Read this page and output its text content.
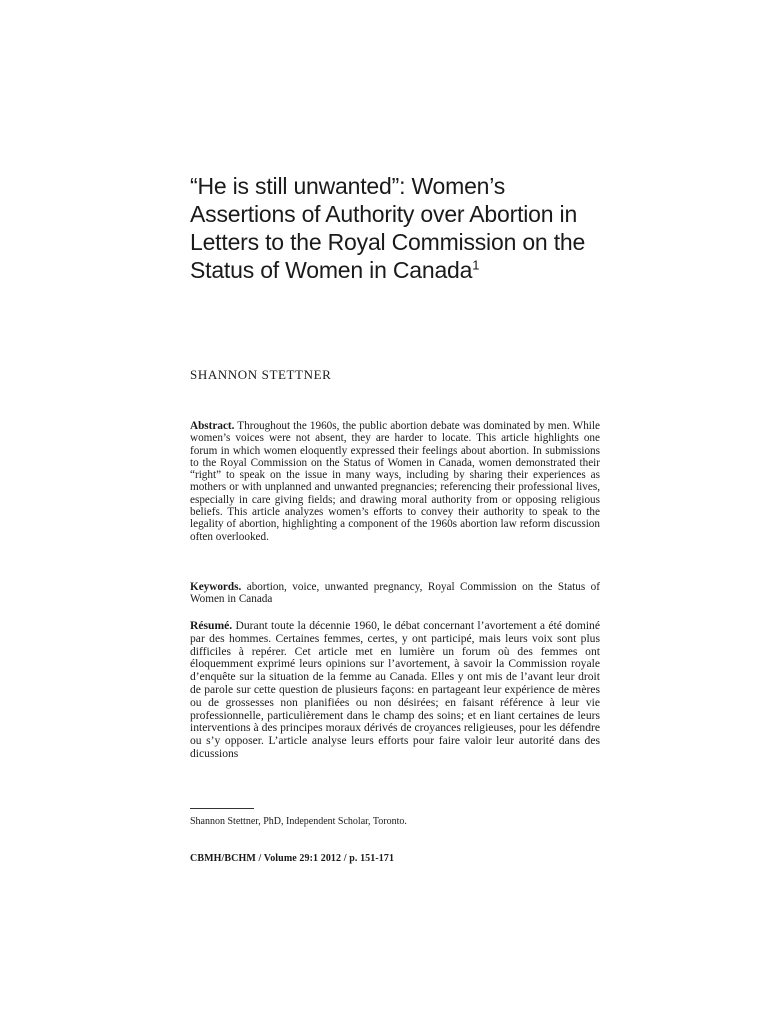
“He is still unwanted”: Women’s Assertions of Authority over Abortion in Letters to the Royal Commission on the Status of Women in Canada$^1$

SHANNON STETTNER

Abstract. Throughout the 1960s, the public abortion debate was dominated by men. While women’s voices were not absent, they are harder to locate. This article highlights one forum in which women eloquently expressed their feelings about abortion. In submissions to the Royal Commission on the Status of Women in Canada, women demonstrated their “right” to speak on the issue in many ways, including by sharing their experiences as mothers or with unplanned and unwanted pregnancies; referencing their professional lives, especially in care giving fields; and drawing moral authority from or opposing religious beliefs. This article analyzes women’s efforts to convey their authority to speak to the legality of abortion, highlighting a component of the 1960s abortion law reform discussion often overlooked.

Keywords. abortion, voice, unwanted pregnancy, Royal Commission on the Status of Women in Canada

Résumé. Durant toute la décennie 1960, le débat concernant l’avortement a été dominé par des hommes. Certaines femmes, certes, y ont participé, mais leurs voix sont plus difficiles à repérer. Cet article met en lumière un forum où des femmes ont éloquemment exprimé leurs opinions sur l’avortement, à savoir la Commission royale d’enquête sur la situation de la femme au Canada. Elles y ont mis de l’avant leur droit de parole sur cette question de plusieurs façons: en partageant leur expérience de mères ou de grossesses non planifiées ou non désirées; en faisant référence à leur vie professionnelle, particulièrement dans le champ des soins; et en liant certaines de leurs interventions à des principes moraux dérivés de croyances religieuses, pour les défendre ou s’y opposer. L’article analyse leurs efforts pour faire valoir leur autorité dans des dicussions

Shannon Stettner, PhD, Independent Scholar, Toronto.

CBMH/BCHM / Volume 29:1 2012 / p. 151-171
